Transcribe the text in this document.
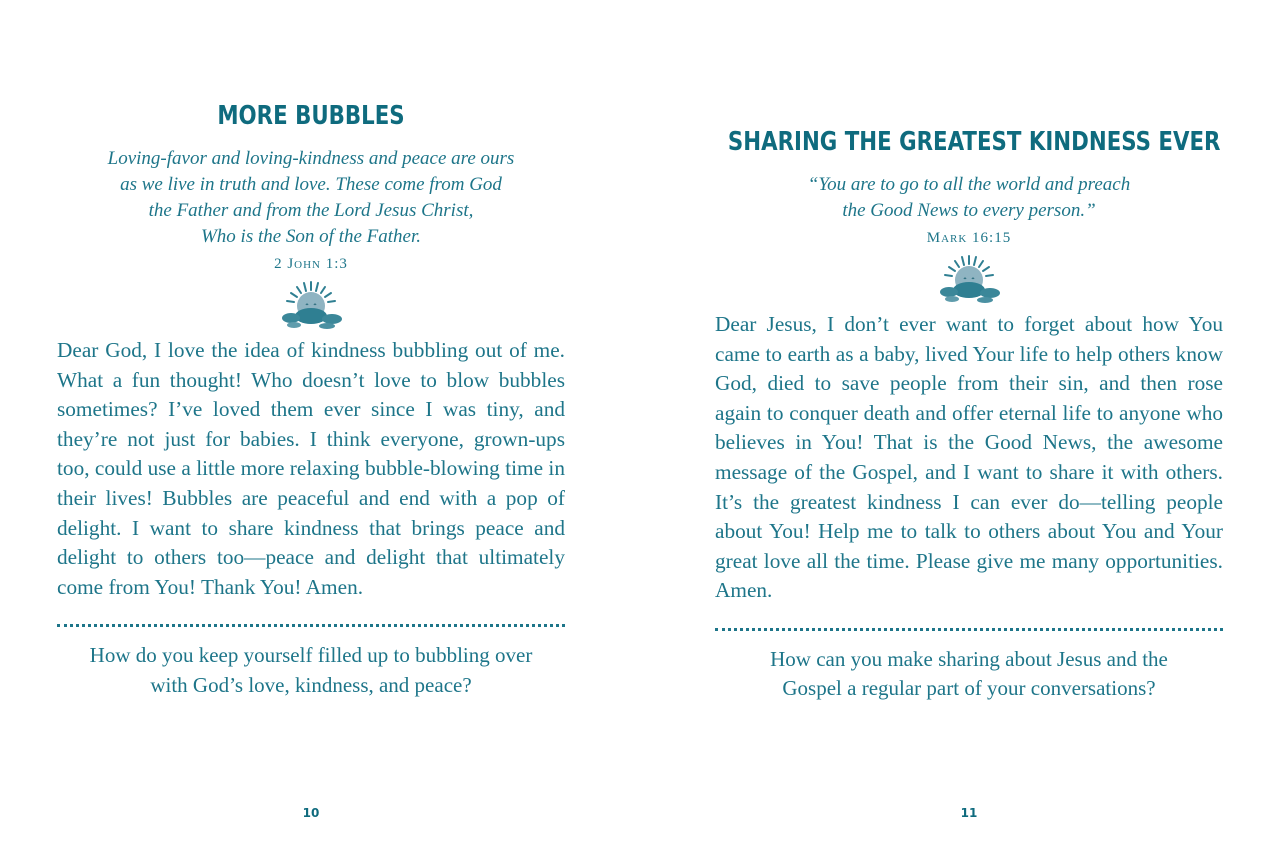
MORE BUBBLES
Loving-favor and loving-kindness and peace are ours
as we live in truth and love. These come from God
the Father and from the Lord Jesus Christ,
Who is the Son of the Father.
2 John 1:3
Dear God, I love the idea of kindness bubbling out of me. What a fun thought! Who doesn’t love to blow bubbles sometimes? I’ve loved them ever since I was tiny, and they’re not just for babies. I think everyone, grown-ups too, could use a little more relaxing bubble-blowing time in their lives! Bubbles are peaceful and end with a pop of delight. I want to share kindness that brings peace and delight to others too—peace and delight that ultimately come from You! Thank You! Amen.
How do you keep yourself filled up to bubbling over
with God’s love, kindness, and peace?
10
SHARING THE GREATEST KINDNESS EVER
“You are to go to all the world and preach
the Good News to every person.”
Mark 16:15
Dear Jesus, I don’t ever want to forget about how You came to earth as a baby, lived Your life to help others know God, died to save people from their sin, and then rose again to conquer death and offer eternal life to anyone who believes in You! That is the Good News, the awesome message of the Gospel, and I want to share it with others. It’s the greatest kindness I can ever do—telling people about You! Help me to talk to others about You and Your great love all the time. Please give me many opportunities. Amen.
How can you make sharing about Jesus and the
Gospel a regular part of your conversations?
11
